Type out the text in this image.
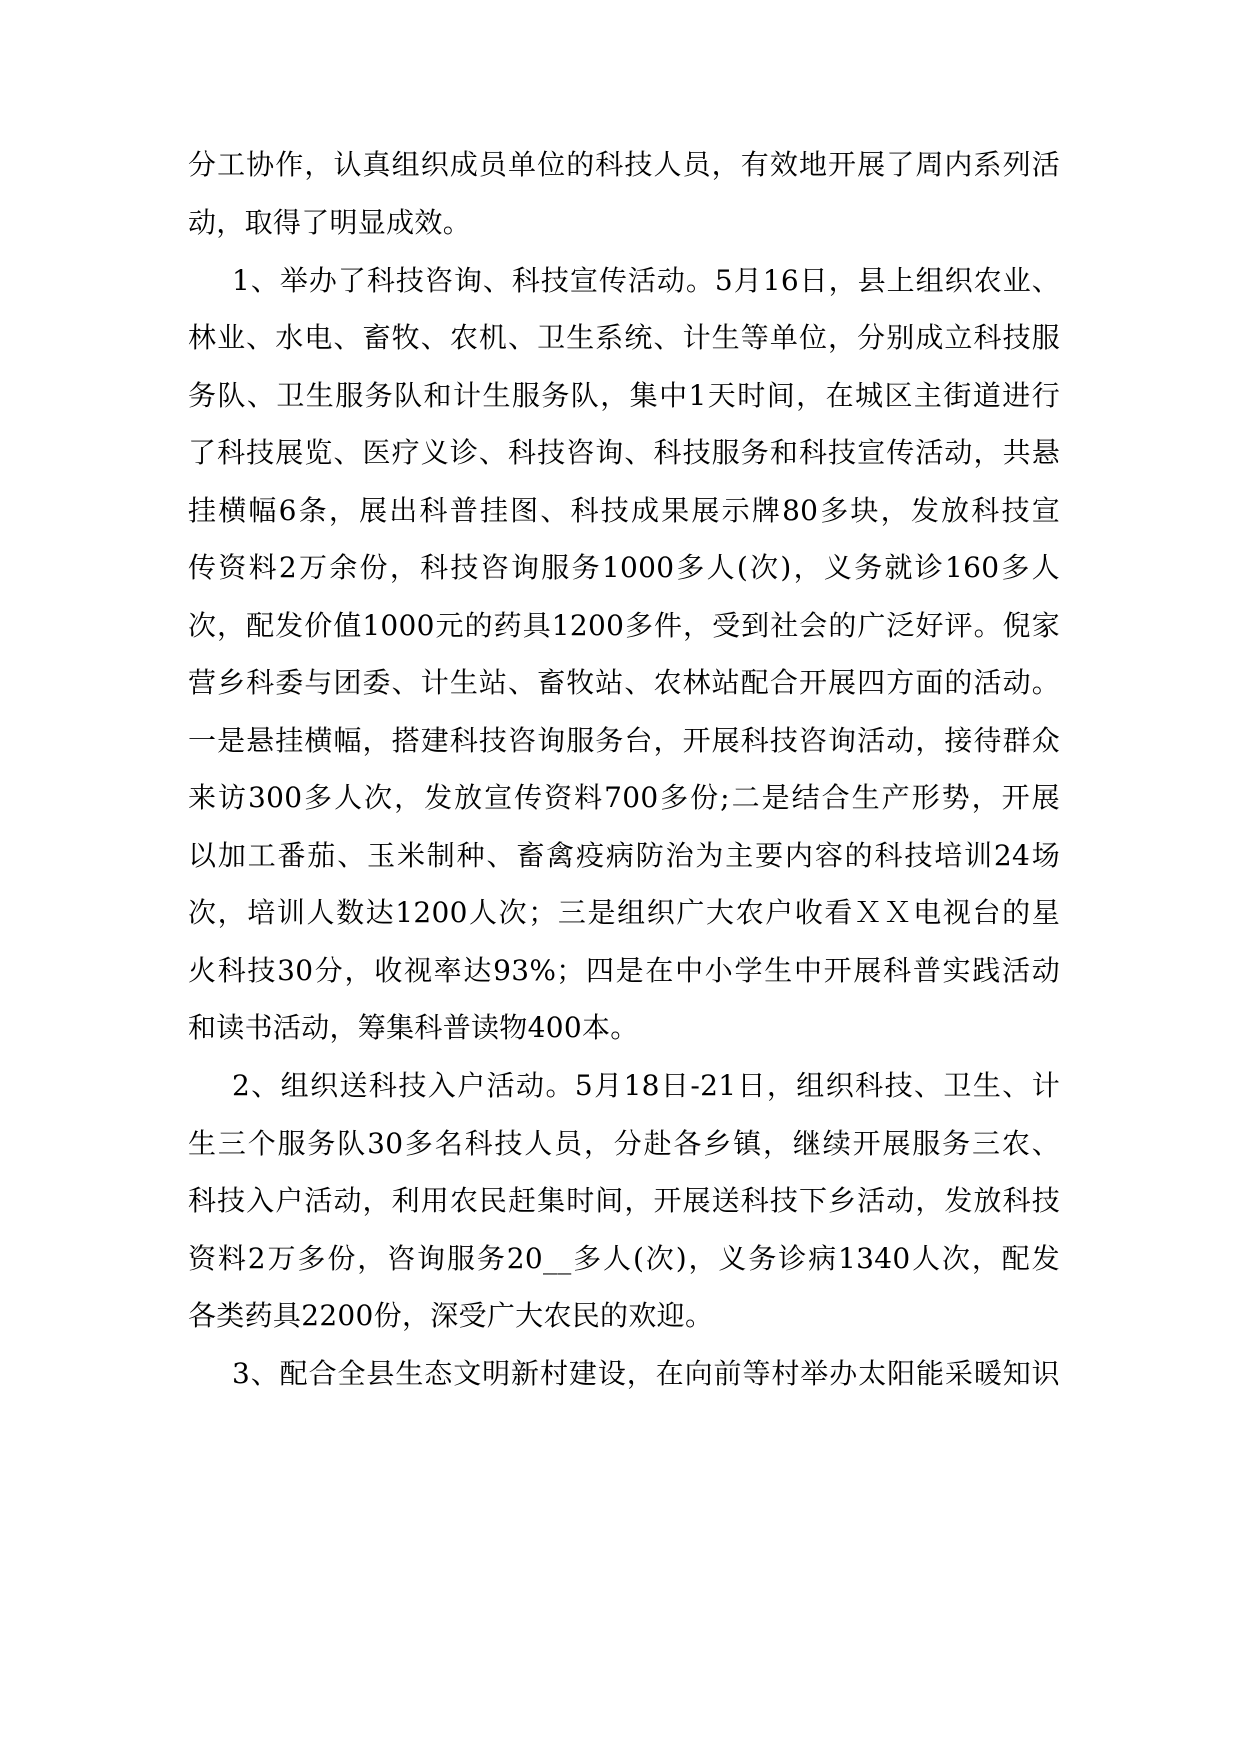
分工协作，认真组织成员单位的科技人员，有效地开展了周内系列活
动，取得了明显成效。
1、举办了科技咨询、科技宣传活动。5月16日，县上组织农业、
林业、水电、畜牧、农机、卫生系统、计生等单位，分别成立科技服
务队、卫生服务队和计生服务队，集中1天时间，在城区主街道进行
了科技展览、医疗义诊、科技咨询、科技服务和科技宣传活动，共悬
挂横幅6条，展出科普挂图、科技成果展示牌80多块，发放科技宣
传资料2万余份，科技咨询服务1000多人(次)，义务就诊160多人
次，配发价值1000元的药具1200多件，受到社会的广泛好评。倪家
营乡科委与团委、计生站、畜牧站、农林站配合开展四方面的活动。
一是悬挂横幅，搭建科技咨询服务台，开展科技咨询活动，接待群众
来访300多人次，发放宣传资料700多份;二是结合生产形势，开展
以加工番茄、玉米制种、畜禽疫病防治为主要内容的科技培训24场
次，培训人数达1200人次；三是组织广大农户收看ＸＸ电视台的星
火科技30分，收视率达93%；四是在中小学生中开展科普实践活动
和读书活动，筹集科普读物400本。
2、组织送科技入户活动。5月18日-21日，组织科技、卫生、计
生三个服务队30多名科技人员，分赴各乡镇，继续开展服务三农、
科技入户活动，利用农民赶集时间，开展送科技下乡活动，发放科技
资料2万多份，咨询服务20__多人(次)，义务诊病1340人次，配发
各类药具2200份，深受广大农民的欢迎。
3、配合全县生态文明新村建设，在向前等村举办太阳能采暖知识
